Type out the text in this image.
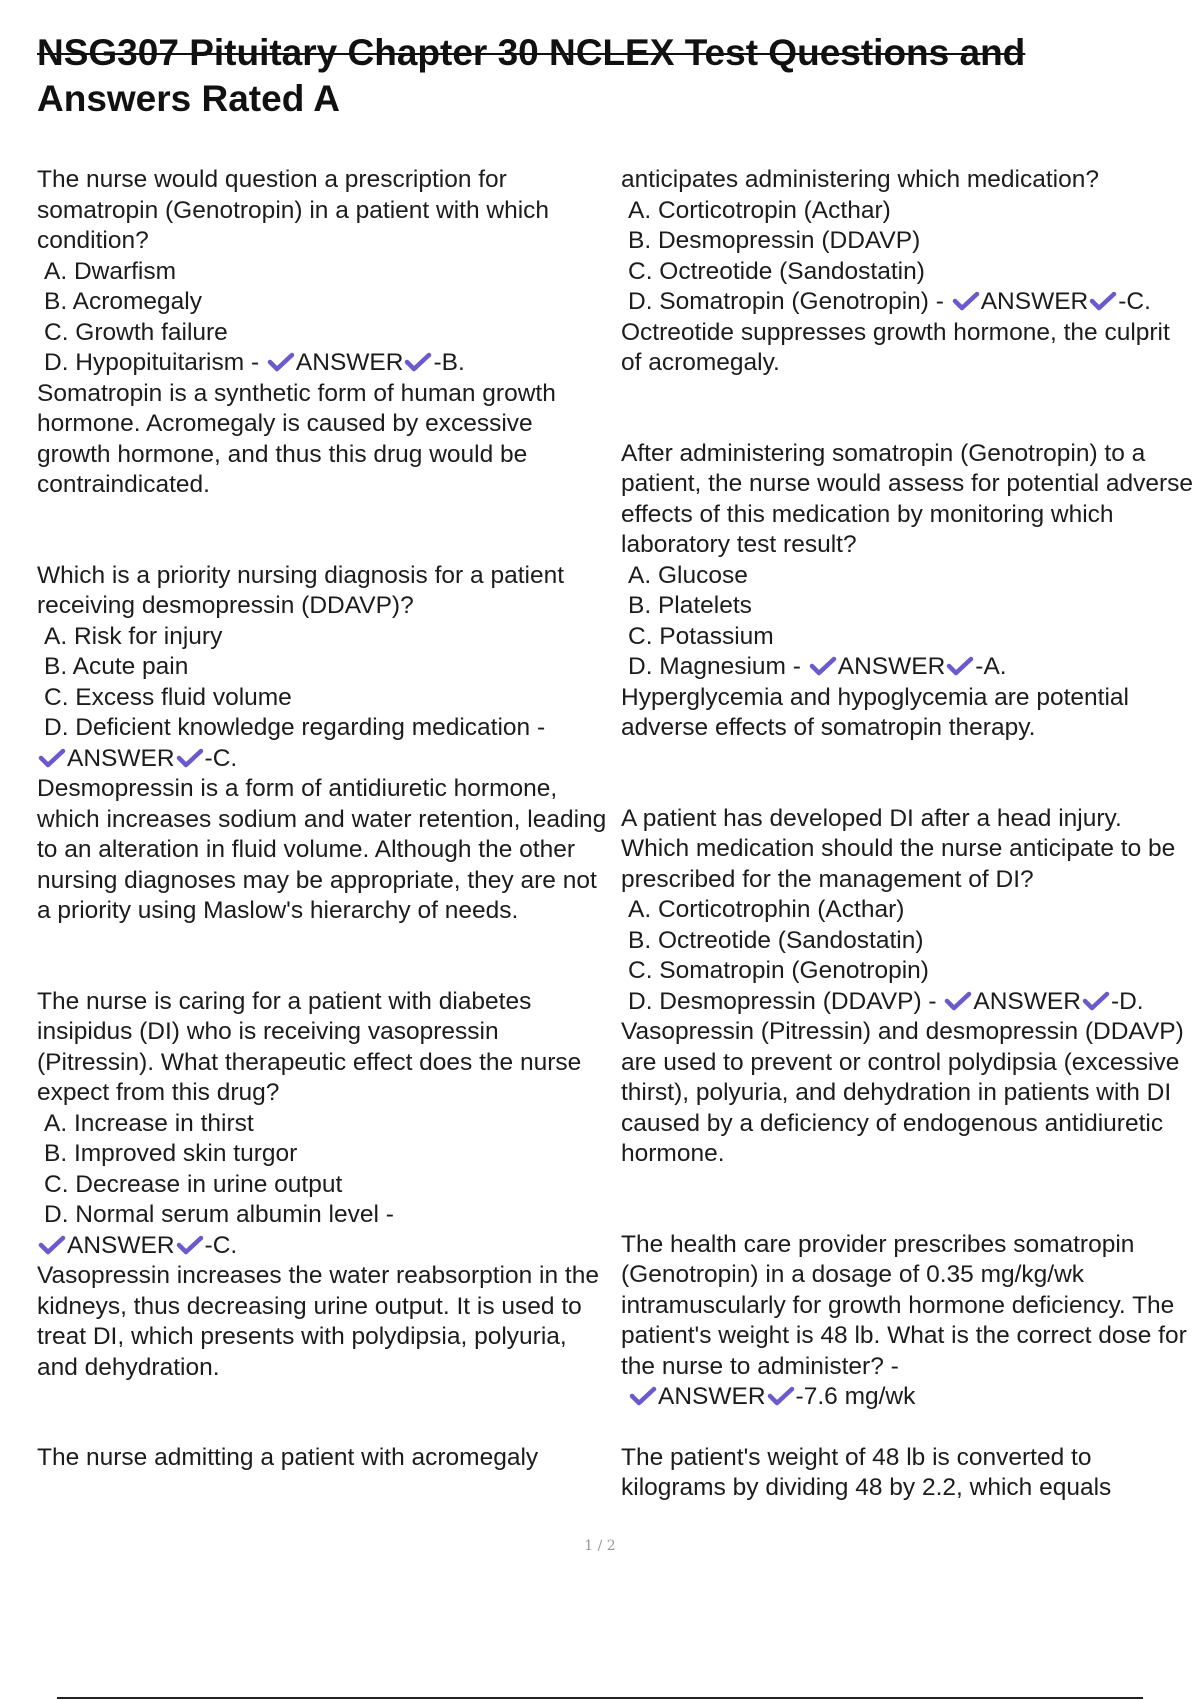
NSG307 Pituitary Chapter 30 NCLEX Test Questions and
Answers Rated A

The nurse would question a prescription for somatropin (Genotropin) in a patient with which condition?

A. Dwarfism

B. Acromegaly

C. Growth failure

D. Hypopituitarism - ANSWER -B.

Somatropin is a synthetic form of human growth hormone. Acromegaly is caused by excessive growth hormone, and thus this drug would be contraindicated.

Which is a priority nursing diagnosis for a patient receiving desmopressin (DDAVP)?

A. Risk for injury

B. Acute pain

C. Excess fluid volume

D. Deficient knowledge regarding medication -

ANSWER -C.

Desmopressin is a form of antidiuretic hormone, which increases sodium and water retention, leading to an alteration in fluid volume. Although the other nursing diagnoses may be appropriate, they are not a priority using Maslow's hierarchy of needs.

The nurse is caring for a patient with diabetes insipidus (DI) who is receiving vasopressin (Pitressin). What therapeutic effect does the nurse expect from this drug?

A. Increase in thirst

B. Improved skin turgor

C. Decrease in urine output

D. Normal serum albumin level -

ANSWER -C.

Vasopressin increases the water reabsorption in the kidneys, thus decreasing urine output. It is used to treat DI, which presents with polydipsia, polyuria, and dehydration.

The nurse admitting a patient with acromegaly

anticipates administering which medication?

A. Corticotropin (Acthar)

B. Desmopressin (DDAVP)

C. Octreotide (Sandostatin)

D. Somatropin (Genotropin) - ANSWER -C.

Octreotide suppresses growth hormone, the culprit of acromegaly.

After administering somatropin (Genotropin) to a patient, the nurse would assess for potential adverse effects of this medication by monitoring which laboratory test result?

A. Glucose

B. Platelets

C. Potassium

D. Magnesium - ANSWER -A.

Hyperglycemia and hypoglycemia are potential adverse effects of somatropin therapy.

A patient has developed DI after a head injury. Which medication should the nurse anticipate to be prescribed for the management of DI?

A. Corticotrophin (Acthar)

B. Octreotide (Sandostatin)

C. Somatropin (Genotropin)

D. Desmopressin (DDAVP) - ANSWER -D.

Vasopressin (Pitressin) and desmopressin (DDAVP) are used to prevent or control polydipsia (excessive thirst), polyuria, and dehydration in patients with DI caused by a deficiency of endogenous antidiuretic hormone.

The health care provider prescribes somatropin (Genotropin) in a dosage of 0.35 mg/kg/wk intramuscularly for growth hormone deficiency. The patient's weight is 48 lb. What is the correct dose for the nurse to administer? -

ANSWER -7.6 mg/wk

The patient's weight of 48 lb is converted to kilograms by dividing 48 by 2.2, which equals

1 / 2
